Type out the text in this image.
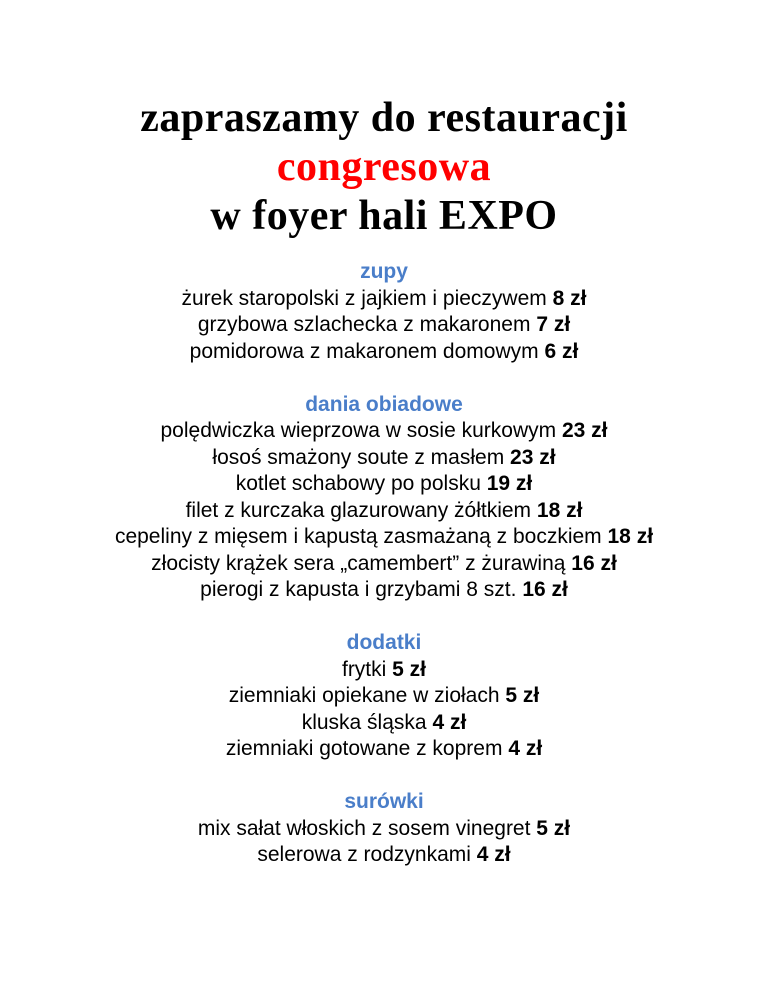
zapraszamy do restauracji
congresowa
w foyer hali EXPO
zupy
żurek staropolski z jajkiem i pieczywem 8 zł
grzybowa szlachecka z makaronem 7 zł
pomidorowa z makaronem domowym 6 zł
dania obiadowe
polędwiczka wieprzowa w sosie kurkowym 23 zł
łosoś smażony soute z masłem 23 zł
kotlet schabowy po polsku 19 zł
filet z kurczaka glazurowany żółtkiem 18 zł
cepeliny z mięsem i kapustą zasmażaną z boczkiem 18 zł
złocisty krążek sera „camembert” z żurawiną 16 zł
pierogi z kapusta i grzybami 8 szt. 16 zł
dodatki
frytki 5 zł
ziemniaki opiekane w ziołach 5 zł
kluska śląska 4 zł
ziemniaki gotowane z koprem 4 zł
surówki
mix sałat włoskich z sosem vinegret 5 zł
selerowa z rodzynkami 4 zł
